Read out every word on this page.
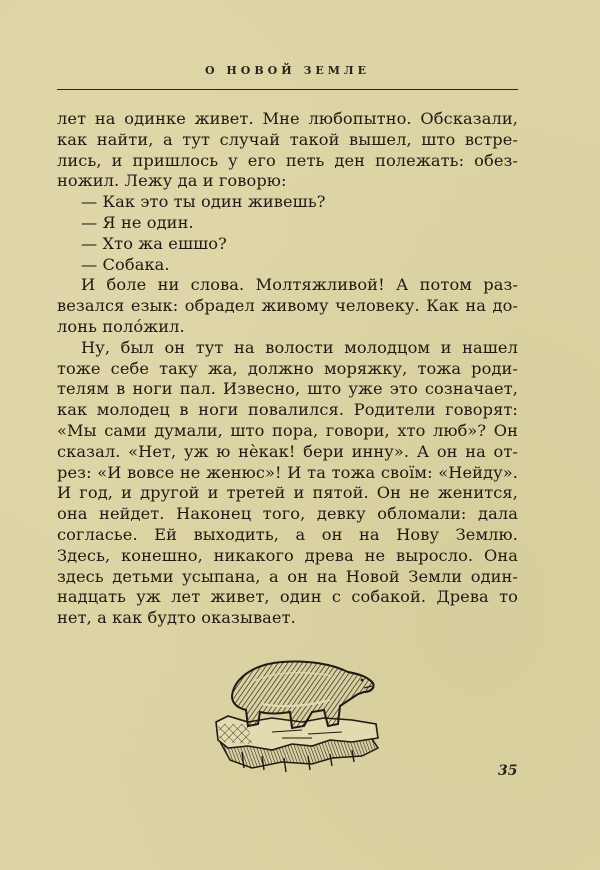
О НОВОЙ ЗЕМЛЕ
лет на одинке живет. Мне любопытно. Обсказали,
как найти, а тут случай такой вышел, што встре-
лись, и пришлось у его петь ден полежать: обез-
ножил. Лежу да и говорю:
— Как это ты один живешь?
— Я не один.
— Хто жа ешшо?
— Собака.
И боле ни слова. Молтяжливой! А потом раз-
везался езык: обрадел живому человеку. Как на до-
лонь полóжил.
Ну, был он тут на волости молодцом и нашел
тоже себе таку жа, должно моряжку, тожа роди-
телям в ноги пал. Извесно, што уже это созначает,
как молодец в ноги повалился. Родители говорят:
«Мы сами думали, што пора, говори, хто люб»? Он
сказал. «Нет, уж ю нèкак! бери инну». А он на от-
рез: «И вовсе не женюс»! И та тожа своïм: «Нейду».
И год, и другой и третей и пятой. Он не женится,
она нейдет. Наконец того, девку обломали: дала
согласье. Ей выходить, а он на Нову Землю.
Здесь, конешно, никакого древа не выросло. Она
здесь детьми усыпана, а он на Новой Земли один-
надцать уж лет живет, один с собакой. Древа то
нет, а как будто оказывает.
35
